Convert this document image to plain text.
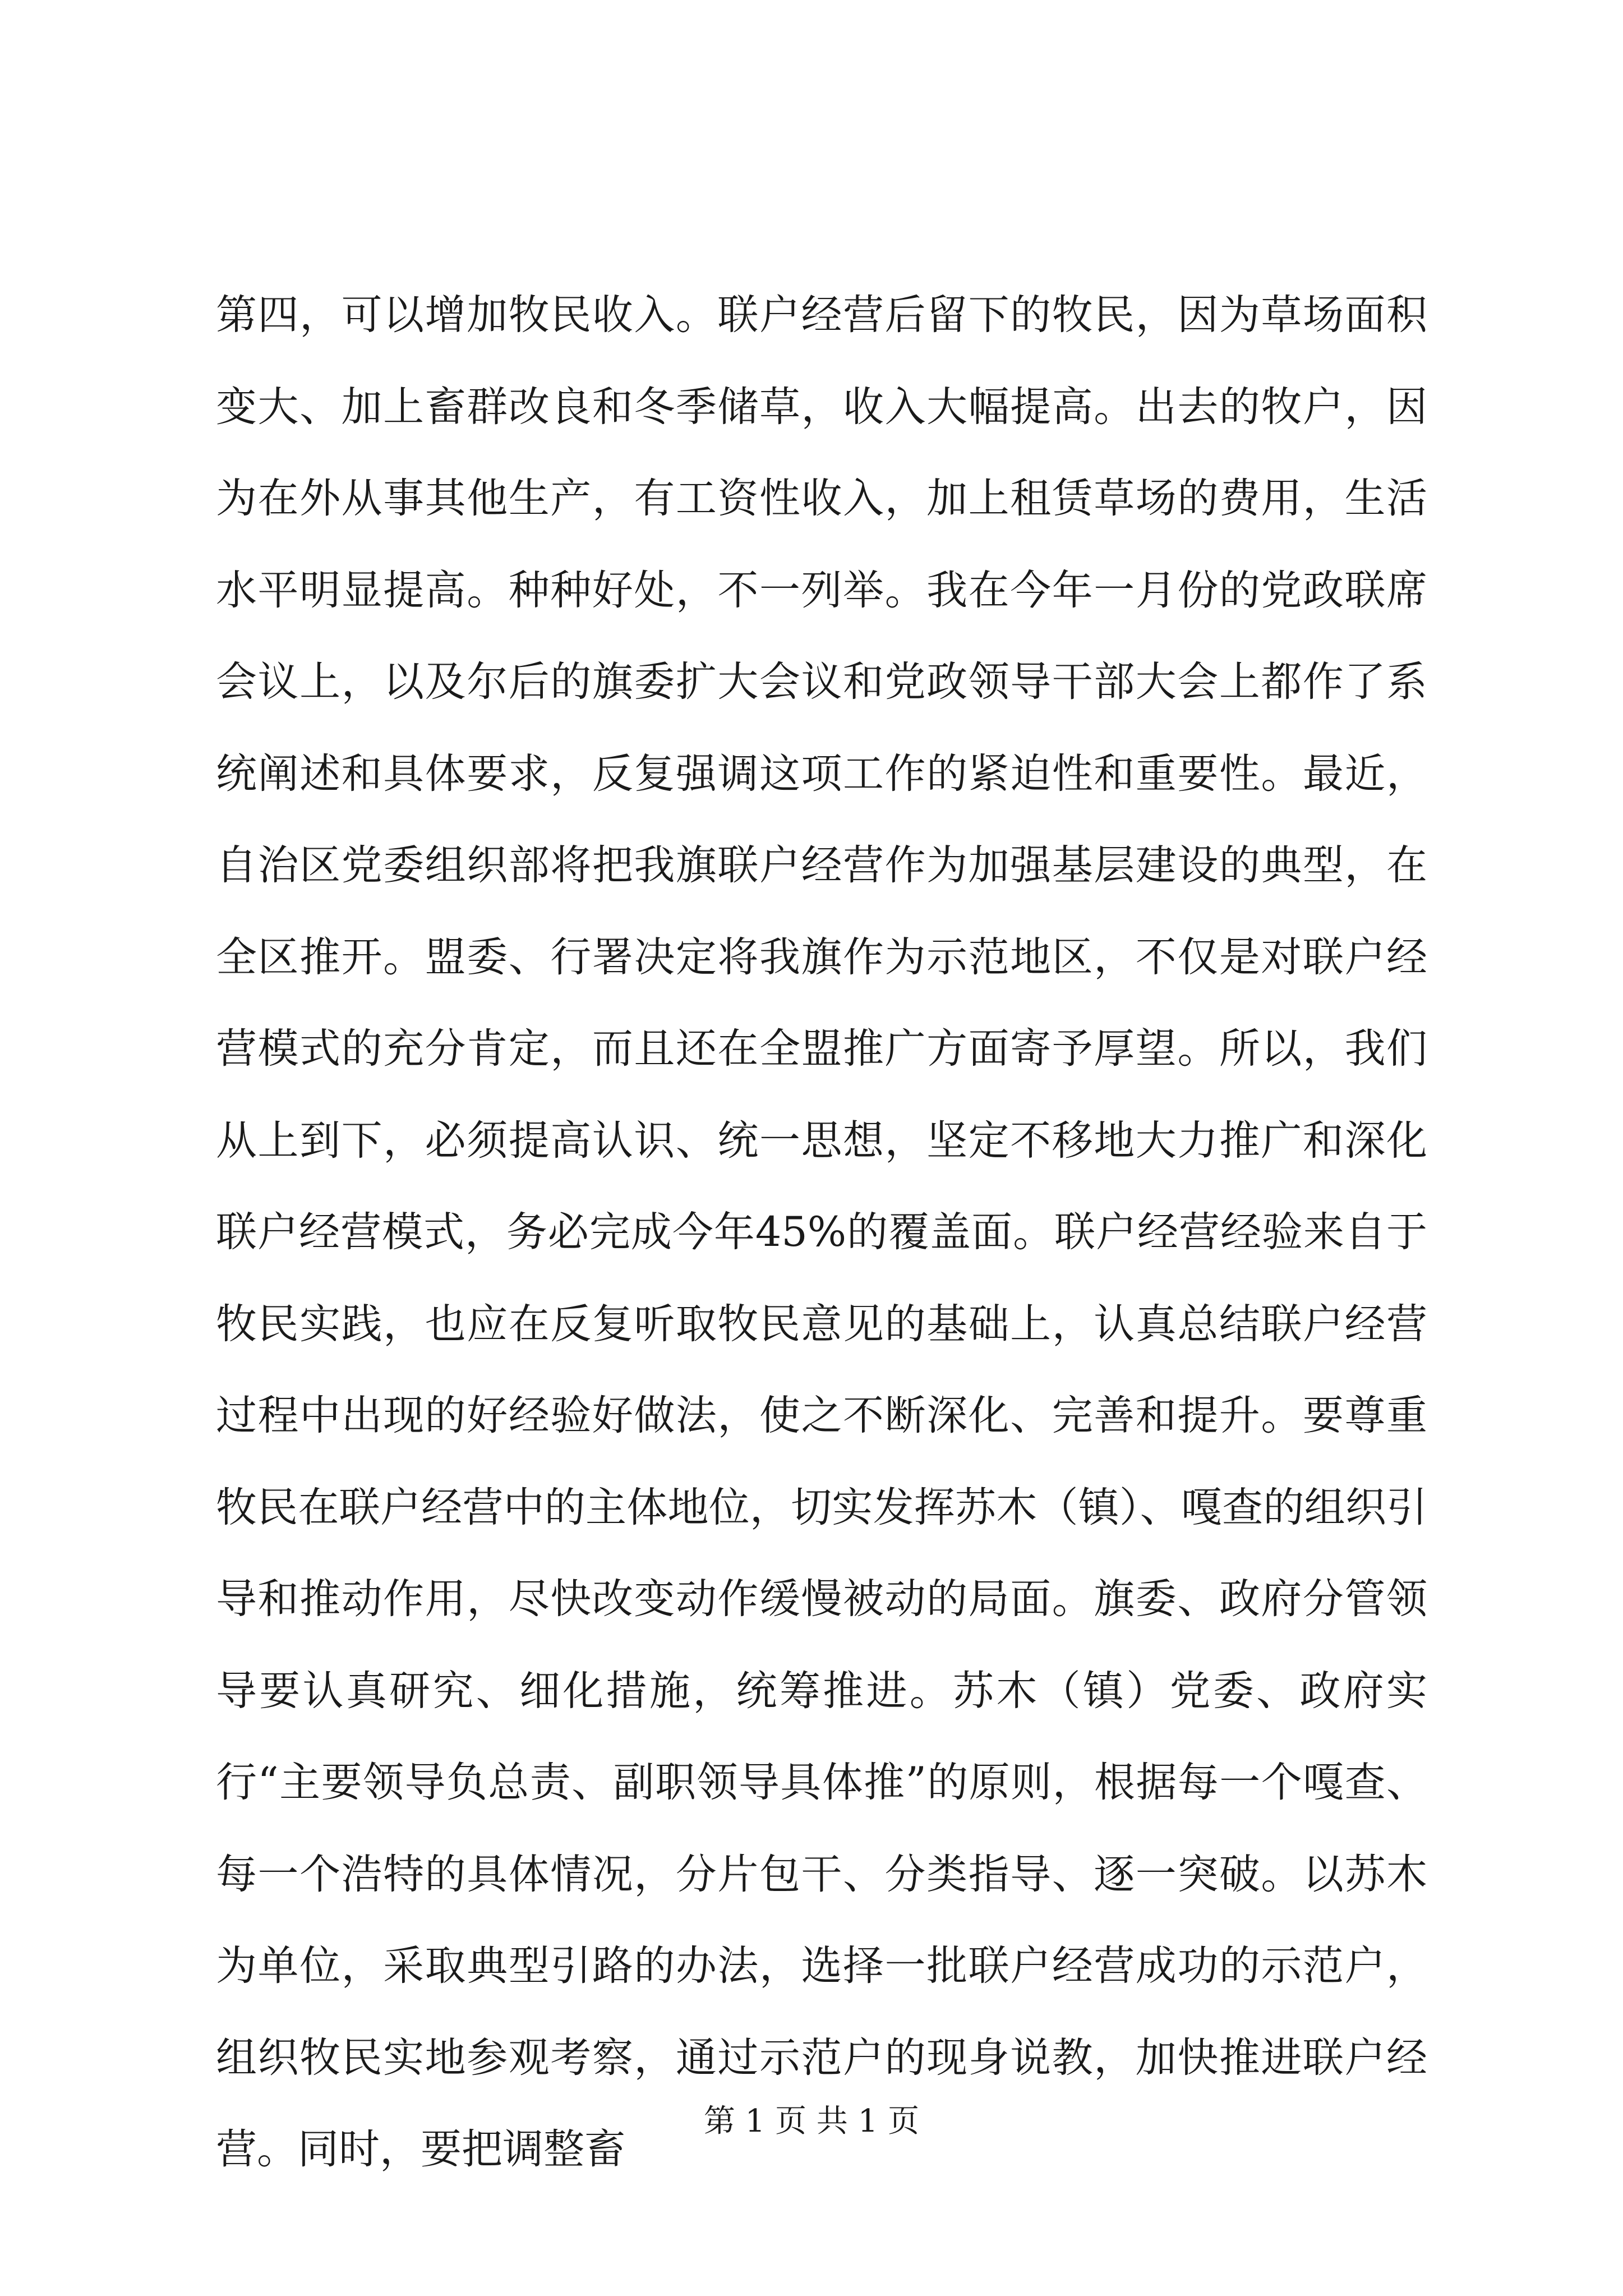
第四，可以增加牧民收入。联户经营后留下的牧民，因为草场面积变大、加上畜群改良和冬季储草，收入大幅提高。出去的牧户，因为在外从事其他生产，有工资性收入，加上租赁草场的费用，生活水平明显提高。种种好处，不一列举。我在今年一月份的党政联席会议上，以及尔后的旗委扩大会议和党政领导干部大会上都作了系统阐述和具体要求，反复强调这项工作的紧迫性和重要性。最近，自治区党委组织部将把我旗联户经营作为加强基层建设的典型，在全区推开。盟委、行署决定将我旗作为示范地区，不仅是对联户经营模式的充分肯定，而且还在全盟推广方面寄予厚望。所以，我们从上到下，必须提高认识、统一思想，坚定不移地大力推广和深化联户经营模式，务必完成今年45%的覆盖面。联户经营经验来自于牧民实践，也应在反复听取牧民意见的基础上，认真总结联户经营过程中出现的好经验好做法，使之不断深化、完善和提升。要尊重牧民在联户经营中的主体地位，切实发挥苏木（镇）、嘎查的组织引导和推动作用，尽快改变动作缓慢被动的局面。旗委、政府分管领导要认真研究、细化措施，统筹推进。苏木（镇）党委、政府实行“主要领导负总责、副职领导具体推”的原则，根据每一个嘎查、每一个浩特的具体情况，分片包干、分类指导、逐一突破。以苏木为单位，采取典型引路的办法，选择一批联户经营成功的示范户，组织牧民实地参观考察，通过示范户的现身说教，加快推进联户经营。同时，要把调整畜

第 1 页 共 1 页
